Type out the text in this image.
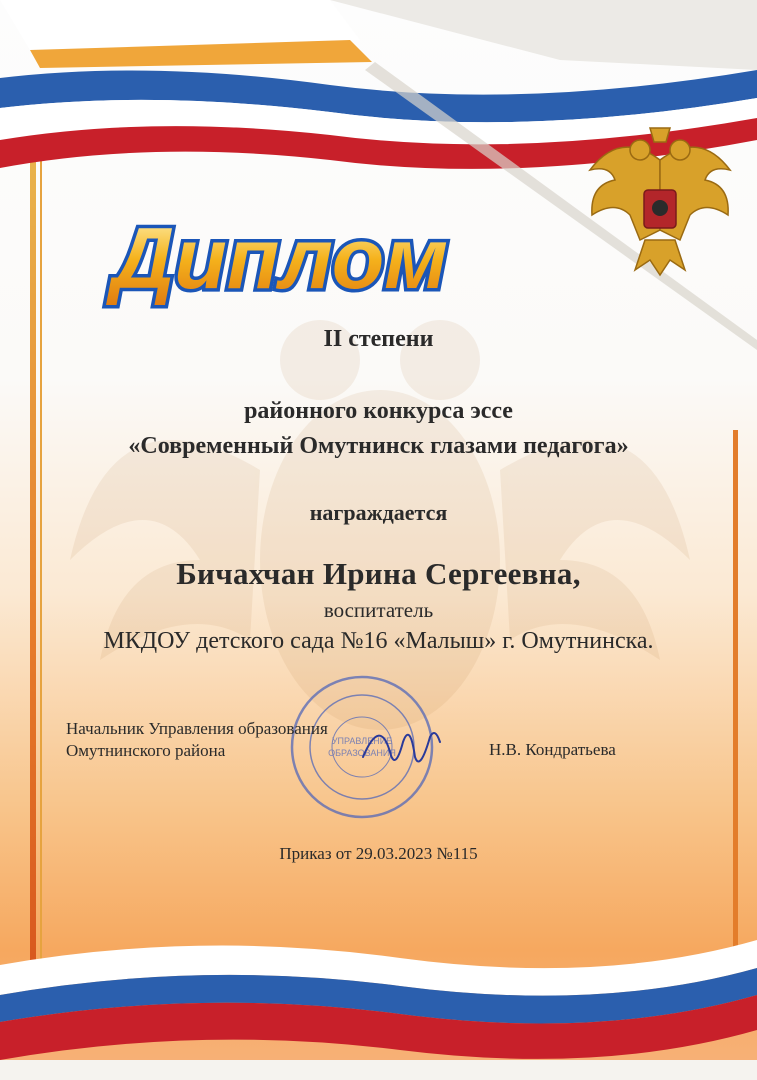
Диплом
УПРАВЛЕНИЕ
ОБРАЗОВАНИЯ

II степени

районного конкурса эссе

«Современный Омутнинск глазами педагога»

награждается

Бичахчан Ирина Сергеевна,

воспитатель

МКДОУ детского сада №16 «Малыш» г. Омутнинска.

Начальник Управления образования
Омутнинского района	Н.В. Кондратьева

Приказ от 29.03.2023 №115
